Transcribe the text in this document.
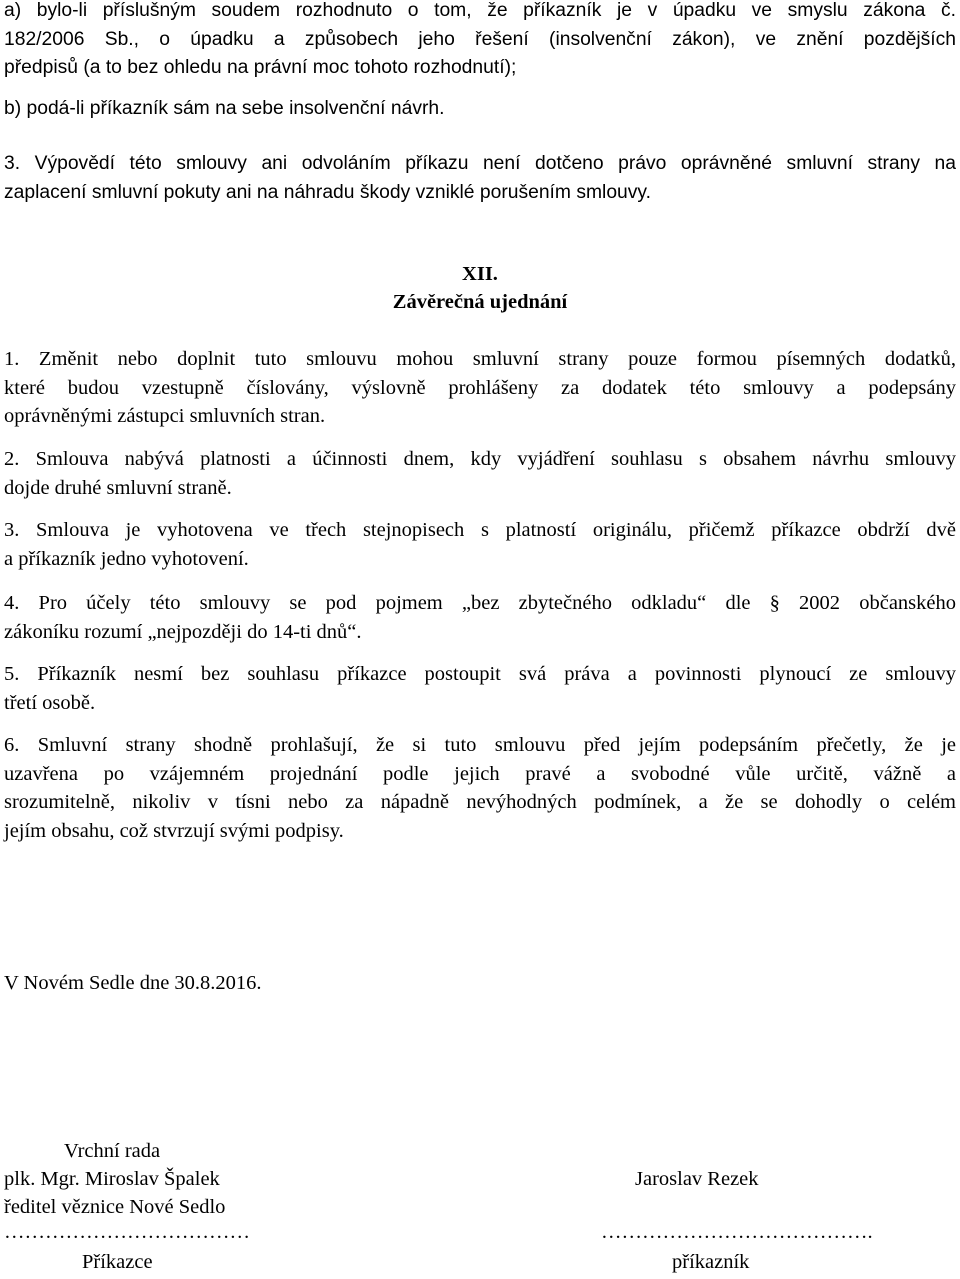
a) bylo-li příslušným soudem rozhodnuto o tom, že příkazník je v úpadku ve smyslu zákona č.
182/2006 Sb., o úpadku a způsobech jeho řešení (insolvenční zákon), ve znění pozdějších
předpisů (a to bez ohledu na právní moc tohoto rozhodnutí);
b) podá-li příkazník sám na sebe insolvenční návrh.
3. Výpovědí této smlouvy ani odvoláním příkazu není dotčeno právo oprávněné smluvní strany na
zaplacení smluvní pokuty ani na náhradu škody vzniklé porušením smlouvy.
XII.
Závěrečná ujednání
1. Změnit nebo doplnit tuto smlouvu mohou smluvní strany pouze formou písemných dodatků,
které budou vzestupně číslovány, výslovně prohlášeny za dodatek této smlouvy a podepsány
oprávněnými zástupci smluvních stran.
2. Smlouva nabývá platnosti a účinnosti dnem, kdy vyjádření souhlasu s obsahem návrhu smlouvy
dojde druhé smluvní straně.
3. Smlouva je vyhotovena ve třech stejnopisech s platností originálu, přičemž příkazce obdrží dvě
a příkazník jedno vyhotovení.
4. Pro účely této smlouvy se pod pojmem „bez zbytečného odkladu“ dle § 2002 občanského
zákoníku rozumí „nejpozději do 14-ti dnů“.
5. Příkazník nesmí bez souhlasu příkazce postoupit svá práva a povinnosti plynoucí ze smlouvy
třetí osobě.
6. Smluvní strany shodně prohlašují, že si tuto smlouvu před jejím podepsáním přečetly, že je
uzavřena po vzájemném projednání podle jejich pravé a svobodné vůle určitě, vážně a
srozumitelně, nikoliv v tísni nebo za nápadně nevýhodných podmínek, a že se dohodly o celém
jejím obsahu, což stvrzují svými podpisy.
V Novém Sedle dne 30.8.2016.
Vrchní rada
plk. Mgr. Miroslav Špalek
ředitel věznice Nové Sedlo
………………………………
Příkazce
Jaroslav Rezek
………………………………….
příkazník
